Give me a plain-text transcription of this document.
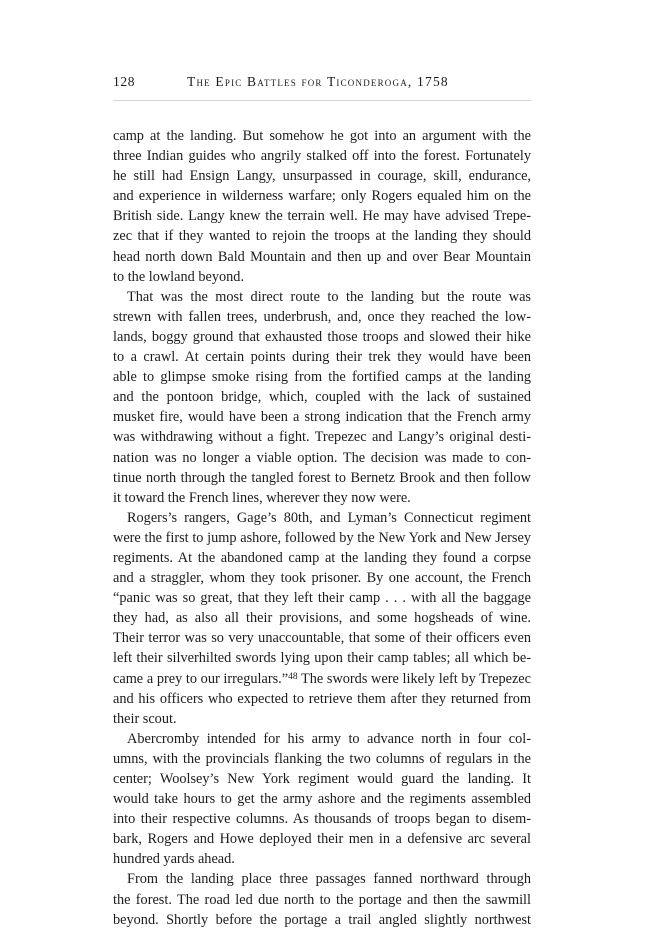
128	The Epic Battles for Ticonderoga, 1758
camp at the landing. But somehow he got into an argument with the
three Indian guides who angrily stalked off into the forest. Fortunately
he still had Ensign Langy, unsurpassed in courage, skill, endurance,
and experience in wilderness warfare; only Rogers equaled him on the
British side. Langy knew the terrain well. He may have advised Trepe-
zec that if they wanted to rejoin the troops at the landing they should
head north down Bald Mountain and then up and over Bear Mountain
to the lowland beyond.
That was the most direct route to the landing but the route was
strewn with fallen trees, underbrush, and, once they reached the low-
lands, boggy ground that exhausted those troops and slowed their hike
to a crawl. At certain points during their trek they would have been
able to glimpse smoke rising from the fortified camps at the landing
and the pontoon bridge, which, coupled with the lack of sustained
musket fire, would have been a strong indication that the French army
was withdrawing without a fight. Trepezec and Langy’s original desti-
nation was no longer a viable option. The decision was made to con-
tinue north through the tangled forest to Bernetz Brook and then follow
it toward the French lines, wherever they now were.
Rogers’s rangers, Gage’s 80th, and Lyman’s Connecticut regiment
were the first to jump ashore, followed by the New York and New Jersey
regiments. At the abandoned camp at the landing they found a corpse
and a straggler, whom they took prisoner. By one account, the French
“panic was so great, that they left their camp . . . with all the baggage
they had, as also all their provisions, and some hogsheads of wine.
Their terror was so very unaccountable, that some of their officers even
left their silverhilted swords lying upon their camp tables; all which be-
came a prey to our irregulars.”$^{48}$ The swords were likely left by Trepezec
and his officers who expected to retrieve them after they returned from
their scout.
Abercromby intended for his army to advance north in four col-
umns, with the provincials flanking the two columns of regulars in the
center; Woolsey’s New York regiment would guard the landing. It
would take hours to get the army ashore and the regiments assembled
into their respective columns. As thousands of troops began to disem-
bark, Rogers and Howe deployed their men in a defensive arc several
hundred yards ahead.
From the landing place three passages fanned northward through
the forest. The road led due north to the portage and then the sawmill
beyond. Shortly before the portage a trail angled slightly northwest
